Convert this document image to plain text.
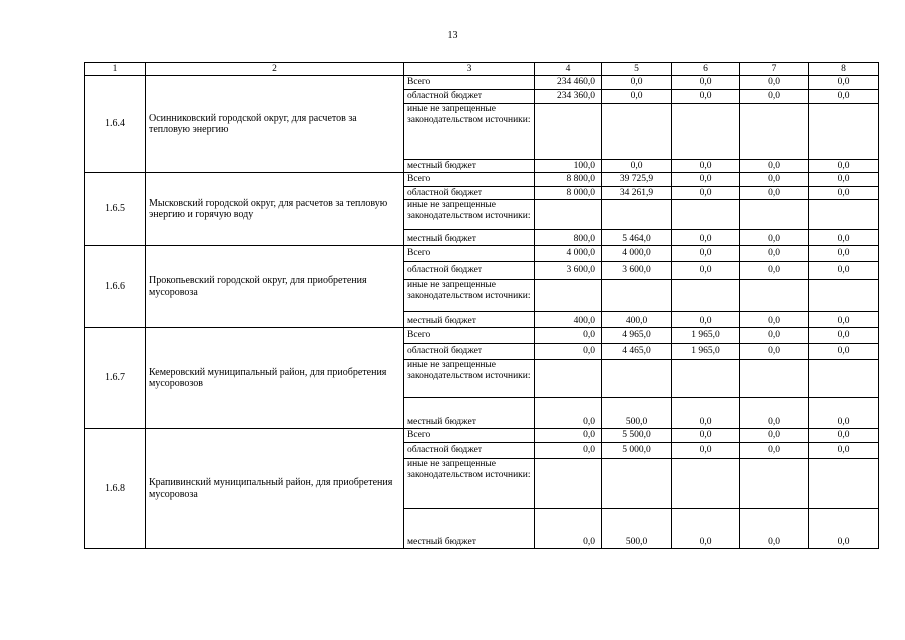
13
1	2	3	4	5	6	7	8
1.6.4	Осинниковский городской округ, для расчетов за тепловую энергию	Всего	234 460,0	0,0	0,0	0,0	0,0
		областной бюджет	234 360,0	0,0	0,0	0,0	0,0
		иные не запрещенные законодательством источники:					
		местный бюджет	100,0	0,0	0,0	0,0	0,0
1.6.5	Мысковский городской округ, для расчетов за тепловую энергию и горячую воду	Всего	8 800,0	39 725,9	0,0	0,0	0,0
		областной бюджет	8 000,0	34 261,9	0,0	0,0	0,0
		иные не запрещенные законодательством источники:					
		местный бюджет	800,0	5 464,0	0,0	0,0	0,0
1.6.6	Прокопьевский городской округ, для приобретения мусоровоза	Всего	4 000,0	4 000,0	0,0	0,0	0,0
		областной бюджет	3 600,0	3 600,0	0,0	0,0	0,0
		иные не запрещенные законодательством источники:					
		местный бюджет	400,0	400,0	0,0	0,0	0,0
1.6.7	Кемеровский муниципальный район, для приобретения мусоровозов	Всего	0,0	4 965,0	1 965,0	0,0	0,0
		областной бюджет	0,0	4 465,0	1 965,0	0,0	0,0
		иные не запрещенные законодательством источники:					
		местный бюджет	0,0	500,0	0,0	0,0	0,0
1.6.8	Крапивинский муниципальный район, для приобретения мусоровоза	Всего	0,0	5 500,0	0,0	0,0	0,0
		областной бюджет	0,0	5 000,0	0,0	0,0	0,0
		иные не запрещенные законодательством источники:					
		местный бюджет	0,0	500,0	0,0	0,0	0,0
